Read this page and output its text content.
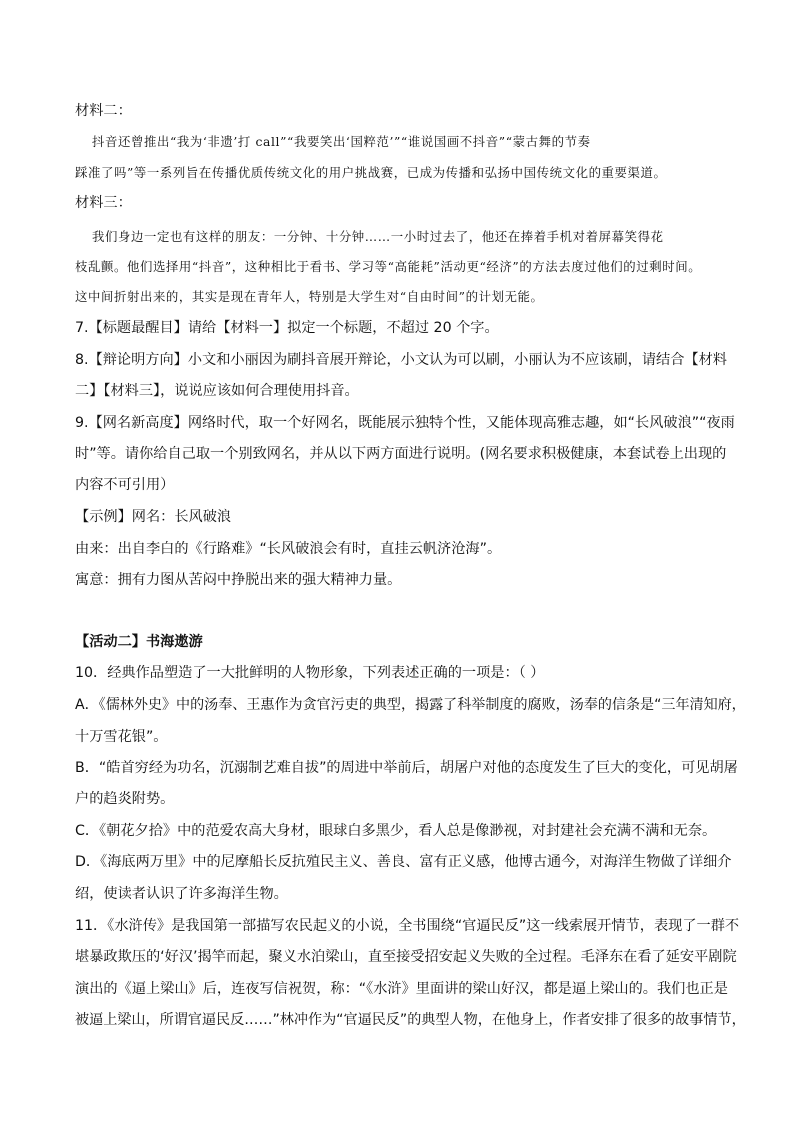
材料二：
抖音还曾推出“我为‘非遗’打 call”“我要笑出‘国粹范’”“谁说国画不抖音”“蒙古舞的节奏
踩准了吗”等一系列旨在传播优质传统文化的用户挑战赛，已成为传播和弘扬中国传统文化的重要渠道。
材料三：
我们身边一定也有这样的朋友：一分钟、十分钟……一小时过去了，他还在捧着手机对着屏幕笑得花
枝乱颤。他们选择用“抖音”，这种相比于看书、学习等“高能耗”活动更“经济”的方法去度过他们的过剩时间。
这中间折射出来的，其实是现在青年人，特别是大学生对“自由时间”的计划无能。
7.【标题最醒目】请给【材料一】拟定一个标题，不超过 20 个字。
8.【辩论明方向】小文和小丽因为刷抖音展开辩论，小文认为可以刷，小丽认为不应该刷，请结合【材料
二】【材料三】，说说应该如何合理使用抖音。
9.【网名新高度】网络时代，取一个好网名，既能展示独特个性，又能体现高雅志趣，如“长风破浪”“夜雨
时”等。请你给自己取一个别致网名，并从以下两方面进行说明。(网名要求积极健康，本套试卷上出现的
内容不可引用）
【示例】网名：长风破浪
由来：出自李白的《行路难》“长风破浪会有时，直挂云帆济沧海”。
寓意：拥有力图从苦闷中挣脱出来的强大精神力量。
【活动二】书海遨游
10．经典作品塑造了一大批鲜明的人物形象，下列表述正确的一项是：（ ）
A．《儒林外史》中的汤奉、王惠作为贪官污吏的典型，揭露了科举制度的腐败，汤奉的信条是“三年清知府，
十万雪花银”。
B．“皓首穷经为功名，沉溺制艺难自拔”的周进中举前后，胡屠户对他的态度发生了巨大的变化，可见胡屠
户的趋炎附势。
C．《朝花夕拾》中的范爱农高大身材，眼球白多黑少，看人总是像渺视，对封建社会充满不满和无奈。
D．《海底两万里》中的尼摩船长反抗殖民主义、善良、富有正义感，他博古通今，对海洋生物做了详细介
绍，使读者认识了许多海洋生物。
11．《水浒传》是我国第一部描写农民起义的小说，全书围绕“官逼民反”这一线索展开情节，表现了一群不
堪暴政欺压的‘好汉’揭竿而起，聚义水泊梁山，直至接受招安起义失败的全过程。毛泽东在看了延安平剧院
演出的《逼上梁山》后，连夜写信祝贺，称：“《水浒》里面讲的梁山好汉，都是逼上梁山的。我们也正是
被逼上梁山，所谓官逼民反……”林冲作为“官逼民反”的典型人物，在他身上，作者安排了很多的故事情节，
